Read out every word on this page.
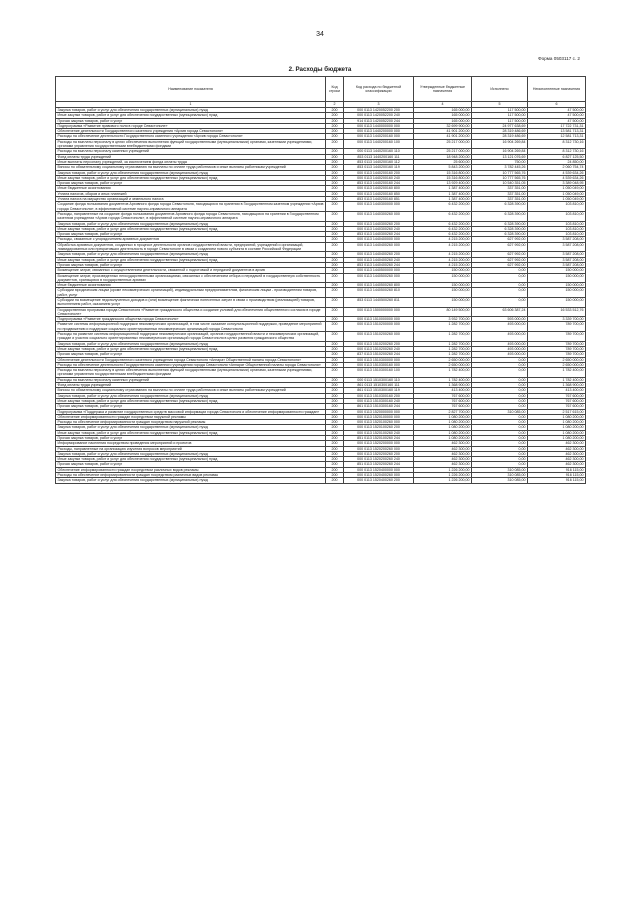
34
Форма 0503117 с. 2
2. Расходы бюджета
Наименование показателя	Код строки	Код расхода по бюджетной классификации	Утвержденные бюджетные назначения	Исполнено	Неисполненные назначения
1	2	3	4	5	6
Закупка товаров, работ и услуг для обеспечения государственных (муниципальных) нужд	200	000 0113 1420052200 200	165 000,00	117 500,00	47 500,00
Иные закупки товаров, работ и услуг для обеспечения государственных (муниципальных) нужд	200	000 0113 1420052200 240	165 000,00	117 500,00	47 500,00
Прочая закупка товаров, работ и услуг	200	914 0113 1420052200 244	165 000,00	117 500,00	47 500,00
Подпрограмма «Развитие правового поля в городе Севастополе»	200	000 0113 1440000000 000	32 699 900,00	24 977 638,69	17 722 731,31
Обеспечение деятельности Государственного казенного учреждения «Архив города Севастополя»	200	000 0113 1440200000 000	41 901 200,00	28 319 486,69	13 581 713,31
Расходы на обеспечение деятельности Государственного казенного учреждения «Архив города Севастополя»	200	000 0113 1440200160 000	41 901 200,00	28 319 486,69	12 581 713,31
Расходы на выплаты персоналу в целях обеспечения выполнения функций государственными (муниципальными) органами, казенными учреждениями, органами управления государственными внебюджетными фондами	200	000 0113 1440200160 100	25 217 000,00	16 904 269,84	8 312 730,16
Расходы на выплаты персоналу казенных учреждений	200	000 0113 1440200160 110	25 217 000,00	16 904 269,84	8 312 730,16
Фонд оплаты труда учреждений	200	853 0113 1440200160 111	18 948 200,00	13 121 076,69	6 827 125,50
Иные выплаты персоналу учреждений, за исключением фонда оплаты труда	200	853 0113 1440200160 112	25 600,00	750,00	24 850,00
Взносы по обязательному социальному страхованию на выплаты по оплате труда работников и иные выплаты работникам учреждений	200	853 0113 1440200160 119	5 843 200,00	3 782 445,26	2 060 754,74
Закупка товаров, работ и услуг для обеспечения государственных (муниципальных) нужд	200	000 0113 1440200160 200	15 316 800,00	10 777 565,76	4 539 634,26
Иные закупки товаров, работ и услуг для обеспечения государственных (муниципальных) нужд	200	000 0113 1440200160 240	15 316 800,00	10 777 565,76	4 539 634,26
Прочая закупка товаров, работ и услуг	200	853 0113 1440200160 244	13 929 400,00	10 540 351,05	3 389 048,95
Иные бюджетные ассигнования	200	000 0113 1440200160 800	1 387 400,00	337 351,00	1 050 049,00
Уплата налогов, сборов и иных платежей	200	000 0113 1440200160 850	1 387 400,00	337 351,00	1 050 049,00
Уплата налога на имущество организаций и земельного налога	200	853 0113 1440200160 851	1 387 400,00	337 351,00	1 050 049,00
Создание фонда пользования документов Архивного фонда города Севастополя, находящихся на хранении в Государственном казенном учреждении «Архив города Севастополя», в эффективной системе научно-справочного аппарата	200	000 0113 1440300000 000	6 432 200,00	6 328 390,00	103 810,00
Расходы, направленные на создание фонда пользования документов Архивного фонда города Севастополя, находящихся на хранении в Государственном казенном учреждении «Архив города Севастополя», в эффективной системе научно-справочного аппарата	200	000 0113 1440300260 000	6 432 200,00	6 328 390,00	103 810,00
Закупка товаров, работ и услуг для обеспечения государственных (муниципальных) нужд	200	000 0113 1440300260 200	6 432 200,00	6 328 390,00	103 810,00
Иные закупки товаров, работ и услуг для обеспечения государственных (муниципальных) нужд	200	000 0113 1440300260 240	6 432 200,00	6 328 390,00	103 810,00
Прочая закупка товаров, работ и услуг	200	853 0113 1440300260 244	6 432 200,00	6 328 390,00	103 810,00
Расходы, связанные с упорядочением архивных документов	200	000 0113 1440400000 000	4 215 200,00	627 992,00	3 587 208,00
Обработка архивных документов, созданных в процессе деятельности органов государственной власти, предприятий, учреждений и организаций, ликвидированных или прекративших деятельность в городе Севастополе в связи с созданием нового субъекта в составе Российской Федерации	200	000 0113 1440400260 000	4 215 200,00	627 992,00	3 587 208,00
Закупка товаров, работ и услуг для обеспечения государственных (муниципальных) нужд	200	000 0113 1440400260 200	4 215 200,00	627 992,00	3 587 208,00
Иные закупки товаров, работ и услуг для обеспечения государственных (муниципальных) нужд	200	000 0113 1440400260 240	4 215 200,00	627 992,00	3 587 208,00
Прочая закупка товаров, работ и услуг	200	853 0113 1440400260 244	4 215 200,00	627 992,00	3 587 208,00
Возмещение затрат, связанных с осуществлением деятельности, связанной с подготовкой и передачей документов в архив	200	000 0113 1440500000 000	150 000,00	0,00	150 000,00
Возмещение затрат, произведенных негосударственными организациями, связанных с обеспечением отбора и передачей в государственную собственность документов, хранящихся в государственных архивах	200	000 0113 1440500260 000	150 000,00	0,00	150 000,00
Иные бюджетные ассигнования	200	000 0113 1440500260 800	150 000,00	0,00	150 000,00
Субсидии юридическим лицам (кроме некоммерческих организаций), индивидуальным предпринимателям, физическим лицам - производителям товаров, работ, услуг	200	000 0113 1440500260 810	150 000,00	0,00	150 000,00
Субсидии на возмещение недополученных доходов и (или) возмещение фактически понесенных затрат в связи с производством (реализацией) товаров, выполнением работ, оказанием услуг	200	853 0113 1440500260 811	150 000,00	0,00	150 000,00
Государственная программа города Севастополя «Развитие гражданского общества и создание условий для обеспечения общественного согласия в городе Севастополе»	200	000 0113 1500000000 000	80 149 500,00	63 606 387,24	16 533 512,76
Подпрограмма «Развитие гражданского общества города Севастополя»	200	000 0113 1510000000 000	3 932 700,00	593 000,00	3 339 700,00
Развитие системы информационной поддержки некоммерческих организаций, в том числе оказание консультационной поддержки, проведение мероприятий по продвижению и поддержке социально ориентированных некоммерческих организаций города Севастополя	200	000 0113 1510200000 000	1 282 700,00	493 000,00	789 700,00
Расходы на развитие системы информационной поддержки некоммерческих организаций, органов государственной власти и некоммерческих организаций, граждан и участия социально ориентированных некоммерческих организаций города Севастополя в целях развития гражданского общества	200	000 0113 1510200260 000	1 282 700,00	493 000,00	789 700,00
Закупка товаров, работ и услуг для обеспечения государственных (муниципальных) нужд	200	000 0113 1510200260 200	1 282 700,00	493 000,00	789 700,00
Иные закупки товаров, работ и услуг для обеспечения государственных (муниципальных) нужд	200	000 0113 1510200260 240	1 282 700,00	493 000,00	789 700,00
Прочая закупка товаров, работ и услуг	200	837 0113 1510200260 244	1 282 700,00	493 000,00	789 700,00
Обеспечение деятельности Государственного казенного учреждения города Севастополя «Аппарат Общественной палаты города Севастополя»	200	000 0113 1510300000 000	2 650 000,00	0,00	2 650 000,00
Расходы на обеспечение деятельности Государственного казенного учреждения города Севастополя «Аппарат Общественной палаты города Севастополя»	200	000 0113 1510300160 000	2 650 000,00	0,00	2 650 000,00
Расходы на выплаты персоналу в целях обеспечения выполнения функций государственными (муниципальными) органами, казенными учреждениями, органами управления государственными внебюджетными фондами	200	000 0113 1510300160 100	1 782 400,00	0,00	1 782 400,00
Расходы на выплаты персоналу казенных учреждений	200	000 0113 1510300160 110	1 782 400,00	0,00	1 782 400,00
Фонд оплаты труда учреждений	200	861 0113 1510300160 111	1 368 900,00	0,00	1 368 900,00
Взносы по обязательному социальному страхованию на выплаты по оплате труда работников и иные выплаты работникам учреждений	200	861 0113 1510300160 119	413 400,00	0,00	413 400,00
Закупка товаров, работ и услуг для обеспечения государственных (муниципальных) нужд	200	000 0113 1510300160 200	767 600,00	0,00	767 600,00
Иные закупки товаров, работ и услуг для обеспечения государственных (муниципальных) нужд	200	000 0113 1510300160 240	767 600,00	0,00	767 600,00
Прочая закупка товаров, работ и услуг	200	861 0113 1510300160 244	767 600,00	0,00	767 600,00
Подпрограмма «Поддержка и развитие государственных средств массовой информации города Севастополя и обеспечение информированности граждан»	200	000 0113 1520000000 000	2 827 700,00	310 085,00	2 517 615,00
Обеспечение информированности граждан посредством наружной рекламы	200	000 0113 1520100000 000	1 080 200,00	0,00	1 080 200,00
Расходы на обеспечение информированности граждан посредством наружной рекламы	200	000 0113 1520100260 000	1 080 200,00	0,00	1 080 200,00
Закупка товаров, работ и услуг для обеспечения государственных (муниципальных) нужд	200	000 0113 1520100260 200	1 080 200,00	0,00	1 080 200,00
Иные закупки товаров, работ и услуг для обеспечения государственных (муниципальных) нужд	200	000 0113 1520100260 240	1 080 200,00	0,00	1 080 200,00
Прочая закупка товаров, работ и услуг	200	851 0113 1520100260 244	1 080 200,00	0,00	1 080 200,00
Информирование населения посредством проведения мероприятий и проектов	200	000 0113 1520200000 000	462 300,00	0,00	462 300,00
Расходы, направленные на организацию изучения вопросов мероприятий	200	000 0113 1520200260 000	462 300,00	0,00	462 300,00
Закупка товаров, работ и услуг для обеспечения государственных (муниципальных) нужд	200	000 0113 1520200260 200	462 300,00	0,00	462 300,00
Иные закупки товаров, работ и услуг для обеспечения государственных (муниципальных) нужд	200	000 0113 1520200260 240	462 300,00	0,00	462 300,00
Прочая закупка товаров, работ и услуг	200	851 0113 1520200260 244	462 300,00	0,00	462 300,00
Обеспечение информированности граждан посредством различных видов рекламы	200	000 0113 1520400000 000	1 226 200,00	310 085,00	916 115,00
Расходы на обеспечение информированности граждан посредством различных видов рекламы	200	000 0113 1520400260 000	1 226 200,00	310 085,00	916 115,00
Закупка товаров, работ и услуг для обеспечения государственных (муниципальных) нужд	200	000 0113 1520400260 200	1 226 200,00	310 085,00	916 115,00
